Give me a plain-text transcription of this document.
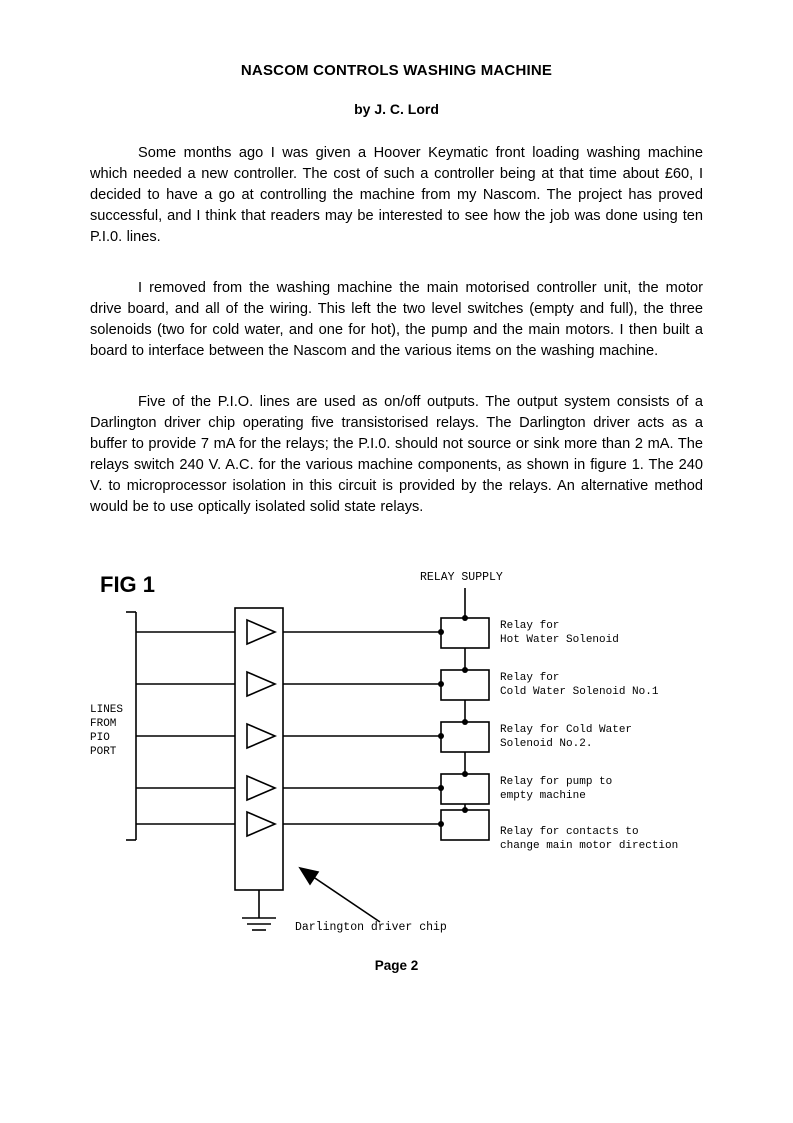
NASCOM CONTROLS WASHING MACHINE
by J. C. Lord

Some months ago I was given a Hoover Keymatic front loading washing machine which needed a new controller. The cost of such a controller being at that time about £60, I decided to have a go at controlling the machine from my Nascom. The project has proved successful, and I think that readers may be interested to see how the job was done using ten P.I.0. lines.

I removed from the washing machine the main motorised controller unit, the motor drive board, and all of the wiring. This left the two level switches (empty and full), the three solenoids (two for cold water, and one for hot), the pump and the main motors. I then built a board to interface between the Nascom and the various items on the washing machine.

Five of the P.I.O. lines are used as on/off outputs. The output system consists of a Darlington driver chip operating five transistorised relays. The Darlington driver acts as a buffer to provide 7 mA for the relays; the P.I.0. should not source or sink more than 2 mA. The relays switch 240 V. A.C. for the various machine components, as shown in figure 1. The 240 V. to microprocessor isolation in this circuit is provided by the relays. An alternative method would be to use optically isolated solid state relays.

FIG 1	RELAY SUPPLY
LINES
FROM
PIO
PORT
Relay for
Hot Water Solenoid
Relay for
Cold Water Solenoid No.1
Relay for Cold Water
Solenoid No.2.
Relay for pump to
empty machine
Relay for contacts to
change main motor direction
Darlington driver chip
Page 2
